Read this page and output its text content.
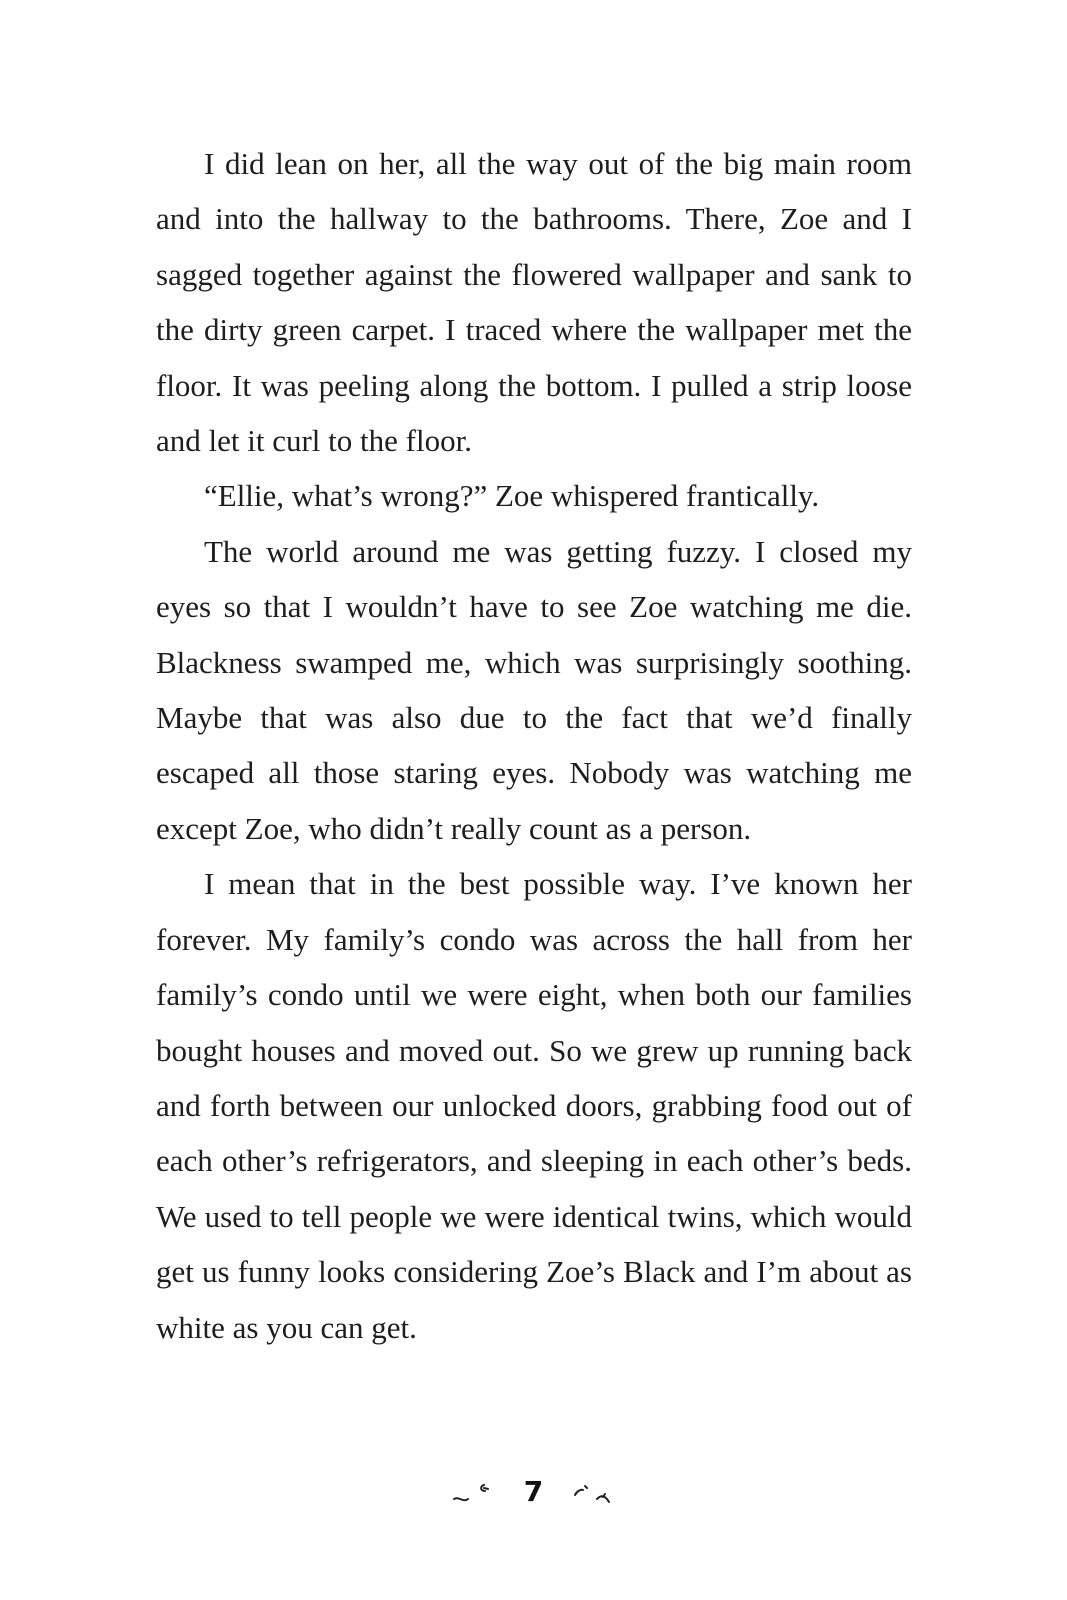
I did lean on her, all the way out of the big main room and into the hallway to the bathrooms. There, Zoe and I sagged together against the flowered wallpaper and sank to the dirty green carpet. I traced where the wallpaper met the floor. It was peeling along the bottom. I pulled a strip loose and let it curl to the floor.

“Ellie, what’s wrong?” Zoe whispered frantically.

The world around me was getting fuzzy. I closed my eyes so that I wouldn’t have to see Zoe watching me die. Blackness swamped me, which was surprisingly soothing. Maybe that was also due to the fact that we’d finally escaped all those staring eyes. Nobody was watching me except Zoe, who didn’t really count as a person.

I mean that in the best possible way. I’ve known her forever. My family’s condo was across the hall from her family’s condo until we were eight, when both our families bought houses and moved out. So we grew up running back and forth between our unlocked doors, grabbing food out of each other’s refrigerators, and sleeping in each other’s beds. We used to tell people we were identical twins, which would get us funny looks considering Zoe’s Black and I’m about as white as you can get.

7
